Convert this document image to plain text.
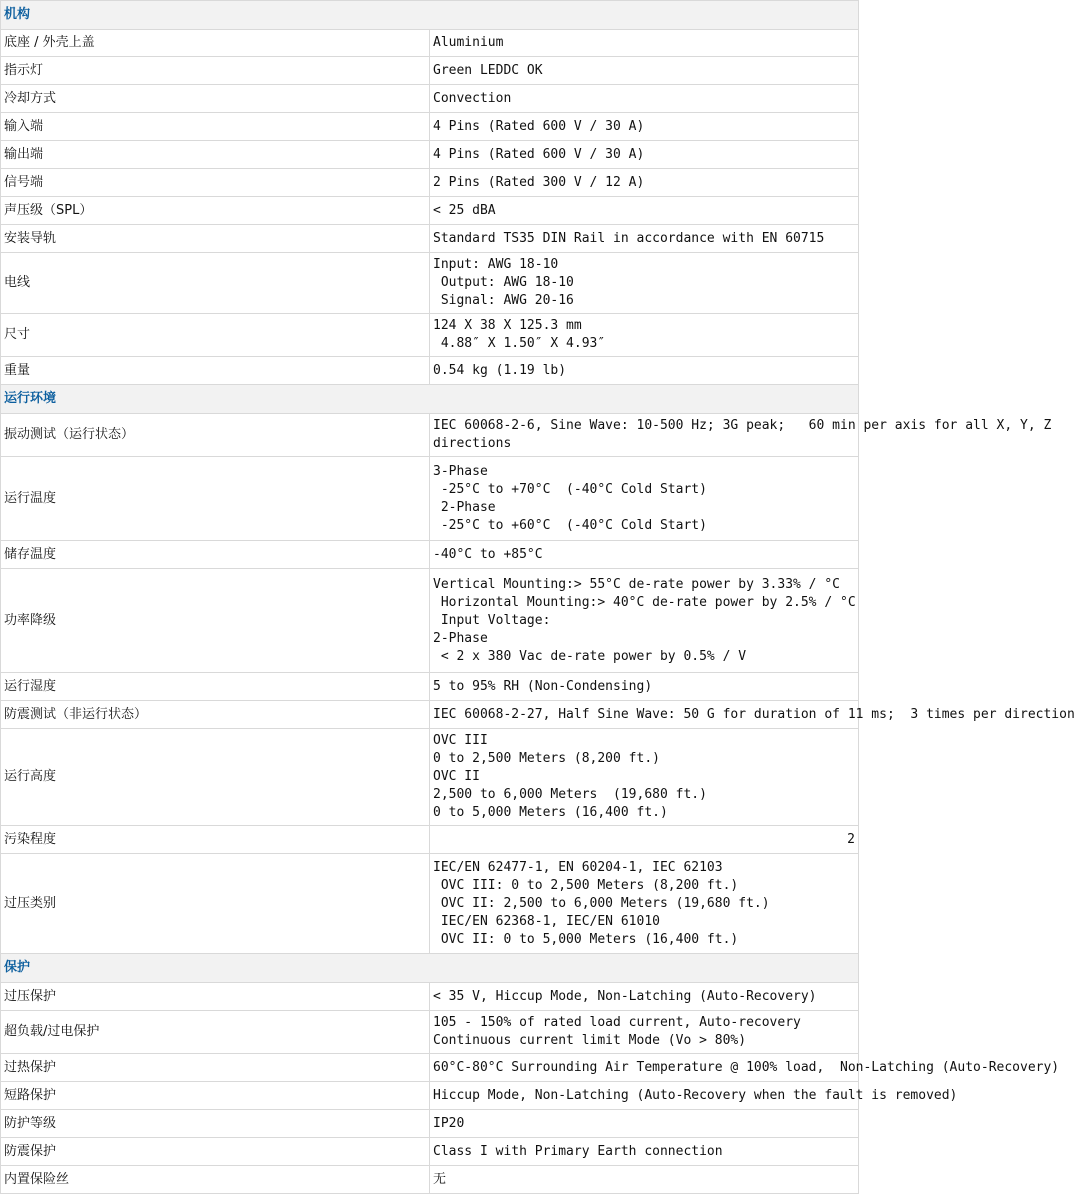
机构	
底座 / 外壳上盖	Aluminium
指示灯	Green LEDDC OK
冷却方式	Convection
输入端	4 Pins (Rated 600 V / 30 A)
输出端	4 Pins (Rated 600 V / 30 A)
信号端	2 Pins (Rated 300 V / 12 A)
声压级（SPL）	< 25 dBA
安装导轨	Standard TS35 DIN Rail in accordance with EN 60715
电线	Input: AWG 18-10
Output: AWG 18-10
Signal: AWG 20-16
尺寸	124 X 38 X 125.3 mm
4.88″ X 1.50″ X 4.93″
重量	0.54 kg (1.19 lb)
运行环境	
振动测试（运行状态）	IEC 60068-2-6, Sine Wave: 10-500 Hz; 3G peak;   60 min per axis for all X, Y, Z
directions
运行温度	3-Phase
-25°C to +70°C  (-40°C Cold Start)
2-Phase
-25°C to +60°C  (-40°C Cold Start)
储存温度	-40°C to +85°C
功率降级	Vertical Mounting:> 55°C de-rate power by 3.33% / °C
Horizontal Mounting:> 40°C de-rate power by 2.5% / °C
Input Voltage:
2-Phase
< 2 x 380 Vac de-rate power by 0.5% / V
运行湿度	5 to 95% RH (Non-Condensing)
防震测试（非运行状态）	IEC 60068-2-27, Half Sine Wave: 50 G for duration of 11 ms;  3 times per direction
运行高度	OVC III
0 to 2,500 Meters (8,200 ft.)
OVC II
2,500 to 6,000 Meters  (19,680 ft.)
0 to 5,000 Meters (16,400 ft.)
污染程度	2
过压类别	IEC/EN 62477-1, EN 60204-1, IEC 62103
OVC III: 0 to 2,500 Meters (8,200 ft.)
OVC II: 2,500 to 6,000 Meters (19,680 ft.)
IEC/EN 62368-1, IEC/EN 61010
OVC II: 0 to 5,000 Meters (16,400 ft.)
保护	
过压保护	< 35 V, Hiccup Mode, Non-Latching (Auto-Recovery)
超负载/过电保护	105 - 150% of rated load current, Auto-recovery
Continuous current limit Mode (Vo > 80%)
过热保护	60°C-80°C Surrounding Air Temperature @ 100% load,  Non-Latching (Auto-Recovery)
短路保护	Hiccup Mode, Non-Latching (Auto-Recovery when the fault is removed)
防护等级	IP20
防震保护	Class I with Primary Earth connection
内置保险丝	无
